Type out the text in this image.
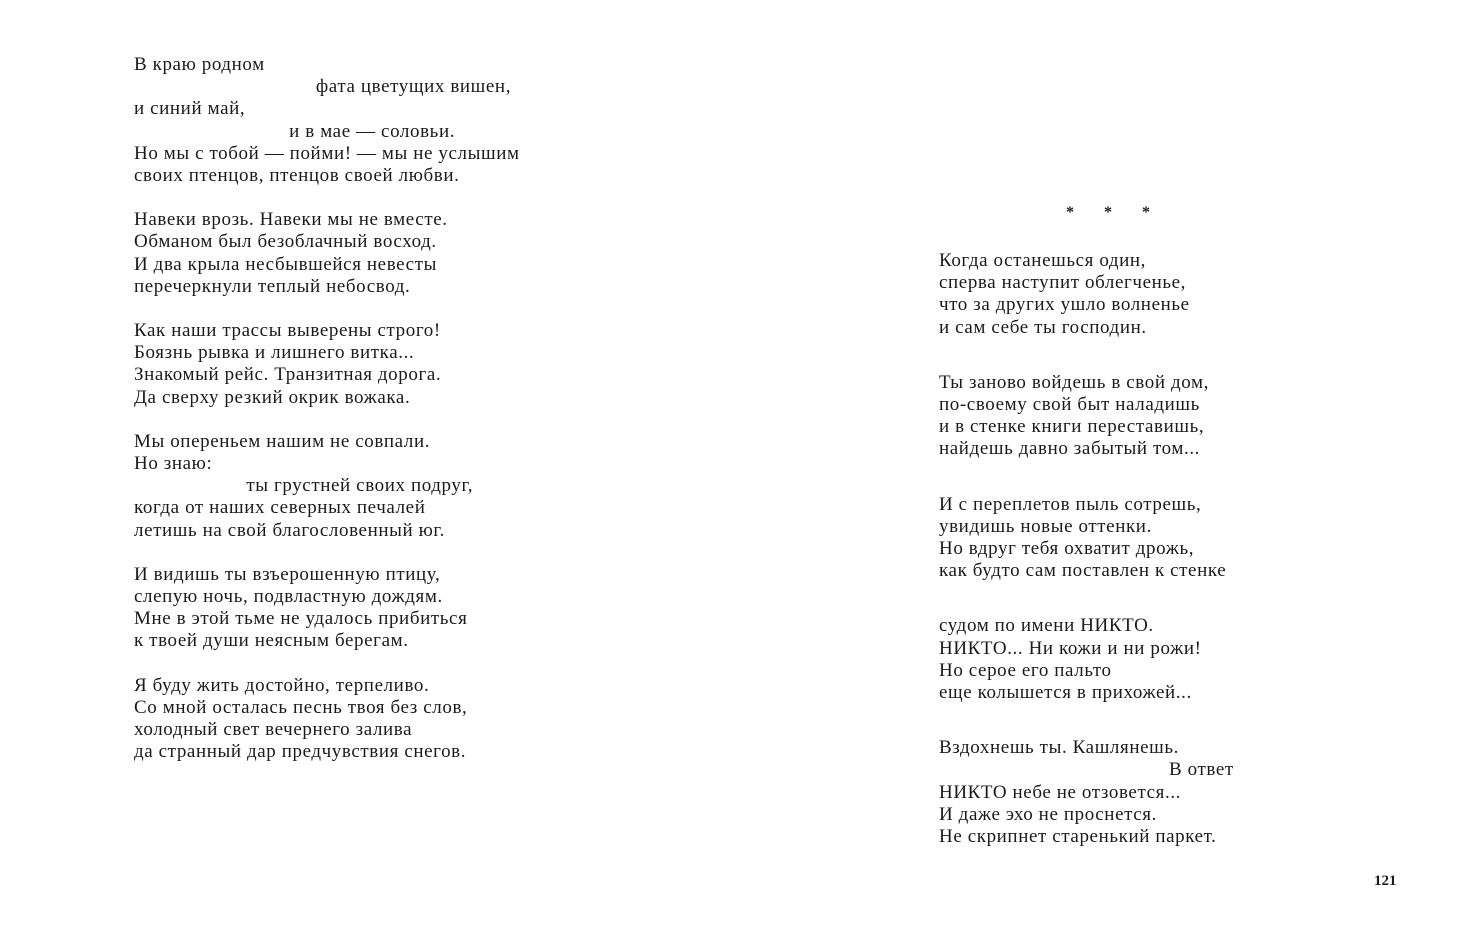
В краю родном
фата цветущих вишен,
и синий май,
и в мае — соловьи.
Но мы с тобой — пойми! — мы не услышим
своих птенцов, птенцов своей любви.
Навеки врозь. Навеки мы не вместе.
Обманом был безоблачный восход.
И два крыла несбывшейся невесты
перечеркнули теплый небосвод.
Как наши трассы выверены строго!
Боязнь рывка и лишнего витка...
Знакомый рейс. Транзитная дорога.
Да сверху резкий окрик вожака.
Мы опереньем нашим не совпали.
Но знаю:
ты грустней своих подруг,
когда от наших северных печалей
летишь на свой благословенный юг.
И видишь ты взъерошенную птицу,
слепую ночь, подвластную дождям.
Мне в этой тьме не удалось прибиться
к твоей души неясным берегам.
Я буду жить достойно, терпеливо.
Со мной осталась песнь твоя без слов,
холодный свет вечернего залива
да странный дар предчувствия снегов.
* * *
Когда останешься один,
сперва наступит облегченье,
что за других ушло волненье
и сам себе ты господин.
Ты заново войдешь в свой дом,
по-своему свой быт наладишь
и в стенке книги переставишь,
найдешь давно забытый том...
И с переплетов пыль сотрешь,
увидишь новые оттенки.
Но вдруг тебя охватит дрожь,
как будто сам поставлен к стенке
судом по имени НИКТО.
НИКТО... Ни кожи и ни рожи!
Но серое его пальто
еще колышется в прихожей...
Вздохнешь ты. Кашлянешь.
В ответ
НИКТО небе не отзовется...
И даже эхо не проснется.
Не скрипнет старенький паркет.
121
